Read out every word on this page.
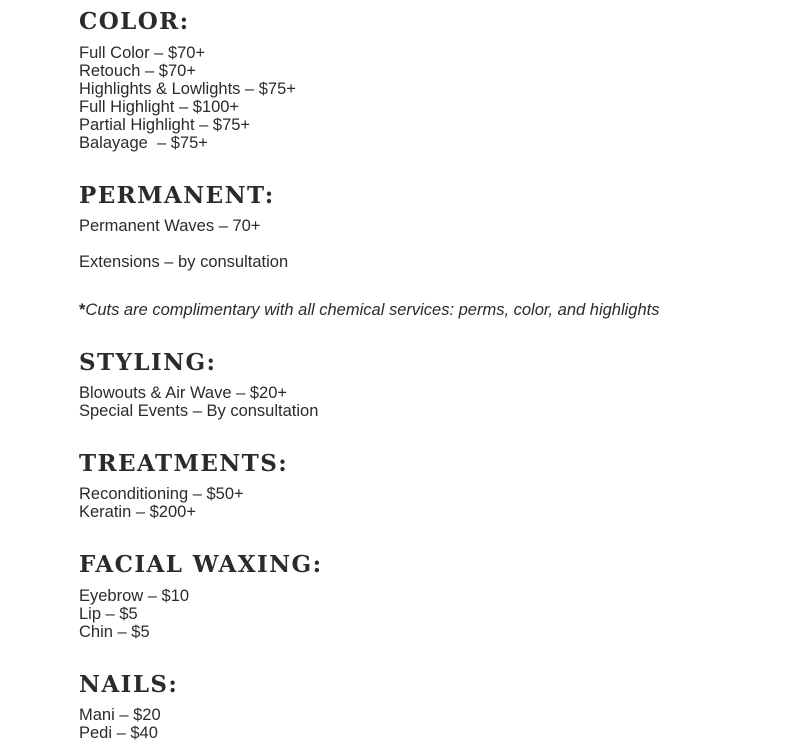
COLOR:
Full Color – $70+
Retouch – $70+
Highlights & Lowlights – $75+
Full Highlight – $100+
Partial Highlight – $75+
Balayage  – $75+
PERMANENT:
Permanent Waves – 70+
Extensions – by consultation
*Cuts are complimentary with all chemical services: perms, color, and highlights
STYLING:
Blowouts & Air Wave – $20+
Special Events – By consultation
TREATMENTS:
Reconditioning – $50+
Keratin – $200+
FACIAL WAXING:
Eyebrow – $10
Lip – $5
Chin – $5
NAILS:
Mani – $20
Pedi – $40
